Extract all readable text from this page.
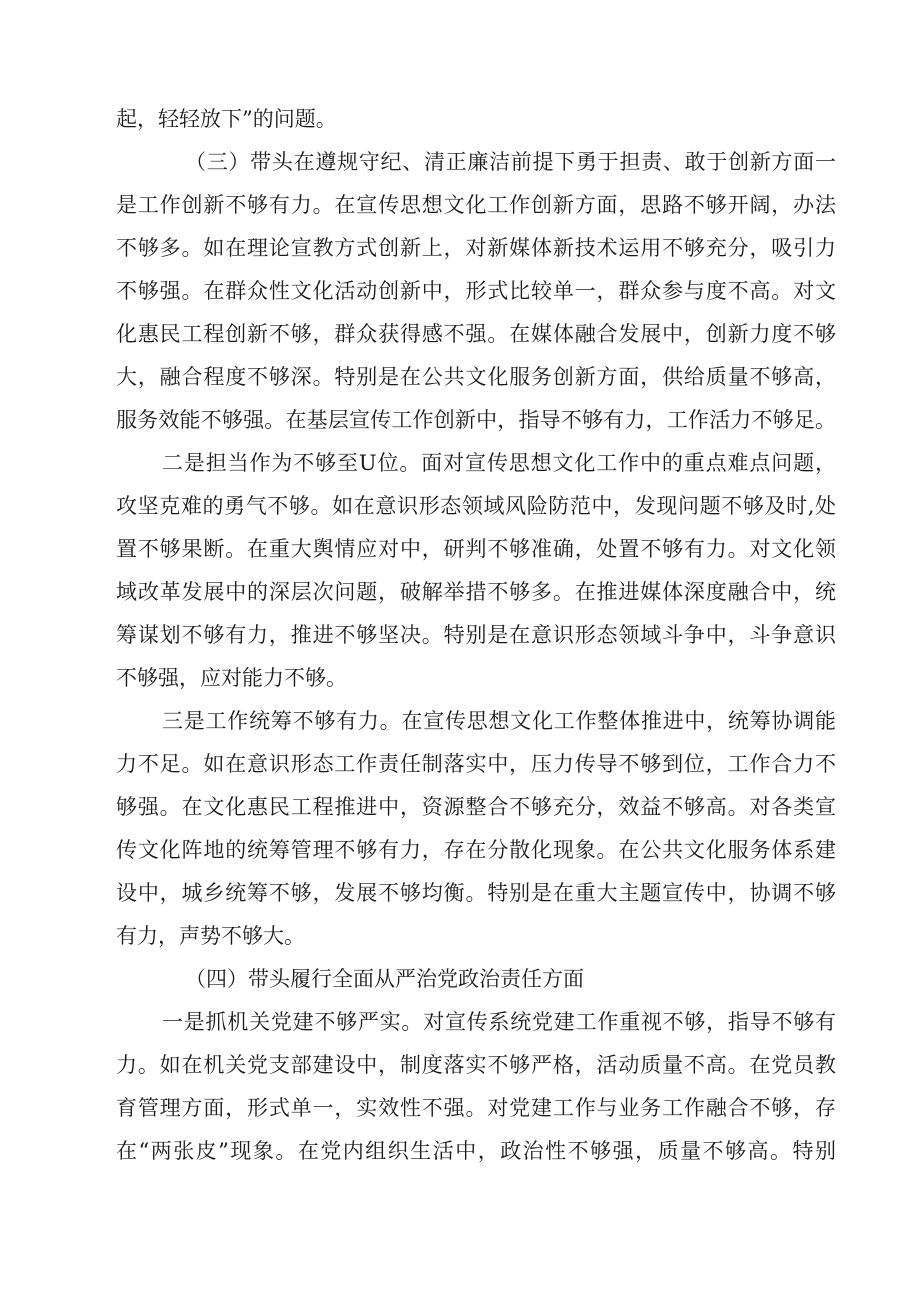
起，轻轻放下”的问题。
（三）带头在遵规守纪、清正廉洁前提下勇于担责、敢于创新方面一
是工作创新不够有力。在宣传思想文化工作创新方面，思路不够开阔，办法
不够多。如在理论宣教方式创新上，对新媒体新技术运用不够充分，吸引力
不够强。在群众性文化活动创新中，形式比较单一，群众参与度不高。对文
化惠民工程创新不够，群众获得感不强。在媒体融合发展中，创新力度不够
大，融合程度不够深。特别是在公共文化服务创新方面，供给质量不够高，
服务效能不够强。在基层宣传工作创新中，指导不够有力，工作活力不够足。
二是担当作为不够至U位。面对宣传思想文化工作中的重点难点问题，
攻坚克难的勇气不够。如在意识形态领域风险防范中，发现问题不够及时,处
置不够果断。在重大舆情应对中，研判不够准确，处置不够有力。对文化领
域改革发展中的深层次问题，破解举措不够多。在推进媒体深度融合中，统
筹谋划不够有力，推进不够坚决。特别是在意识形态领域斗争中，斗争意识
不够强，应对能力不够。
三是工作统筹不够有力。在宣传思想文化工作整体推进中，统筹协调能
力不足。如在意识形态工作责任制落实中，压力传导不够到位，工作合力不
够强。在文化惠民工程推进中，资源整合不够充分，效益不够高。对各类宣
传文化阵地的统筹管理不够有力，存在分散化现象。在公共文化服务体系建
设中，城乡统筹不够，发展不够均衡。特别是在重大主题宣传中，协调不够
有力，声势不够大。
（四）带头履行全面从严治党政治责任方面
一是抓机关党建不够严实。对宣传系统党建工作重视不够，指导不够有
力。如在机关党支部建设中，制度落实不够严格，活动质量不高。在党员教
育管理方面，形式单一，实效性不强。对党建工作与业务工作融合不够，存
在“两张皮”现象。在党内组织生活中，政治性不够强，质量不够高。特别
